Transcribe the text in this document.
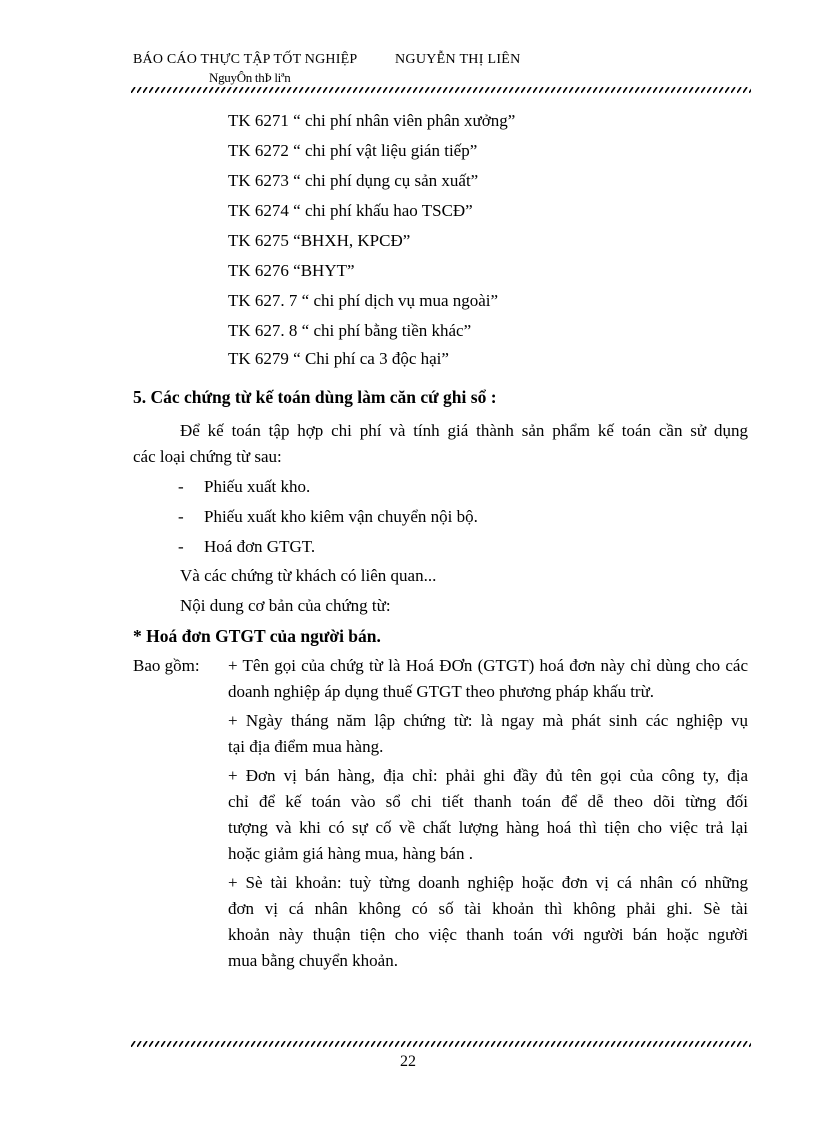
BÁO CÁO THỰC TẬP TỐT NGHIỆP	NGUYỄN THỊ LIÊN
NguyÔn thÞ liªn
TK 6271 “ chi phí nhân viên phân xưởng”
TK 6272 “ chi phí vật liệu gián tiếp”
TK 6273 “ chi phí dụng cụ sản xuất”
TK 6274 “ chi phí khấu hao TSCĐ”
TK 6275 “BHXH, KPCĐ”
TK 6276 “BHYT”
TK 627. 7 “ chi phí dịch vụ mua ngoài”
TK 627. 8 “ chi phí bằng tiền khác”
TK 6279 “ Chi phí ca 3 độc hại”
5. Các chứng từ kế toán dùng làm căn cứ ghi sổ :
Để kế toán tập hợp chi phí và tính giá thành sản phẩm kế toán cần sử dụng
các loại chứng từ sau:
- Phiếu xuất kho.
- Phiếu xuất kho kiêm vận chuyển nội bộ.
- Hoá đơn GTGT.
Và các chứng từ khách có liên quan...
Nội dung cơ bản của chứng từ:
* Hoá đơn GTGT của người bán.
Bao gồm: + Tên gọi của chứg từ là Hoá ĐƠn (GTGT) hoá đơn này chỉ dùng cho các
doanh nghiệp áp dụng thuế GTGT theo phương pháp khấu trừ.
+ Ngày tháng năm lập chứng từ: là ngay mà phát sinh các nghiệp vụ
tại địa điểm mua hàng.
+ Đơn vị bán hàng, địa chỉ: phải ghi đầy đủ tên gọi của công ty, địa
chỉ để kế toán vào sổ chi tiết thanh toán để dễ theo dõi từng đối
tượng và khi có sự cố về chất lượng hàng hoá thì tiện cho việc trả lại
hoặc giảm giá hàng mua, hàng bán .
+ Sè tài khoản: tuỳ từng doanh nghiệp hoặc đơn vị cá nhân có những
đơn vị cá nhân không có số tài khoản thì không phải ghi. Sè tài
khoản này thuận tiện cho việc thanh toán với người bán hoặc người
mua bằng chuyển khoản.
22
